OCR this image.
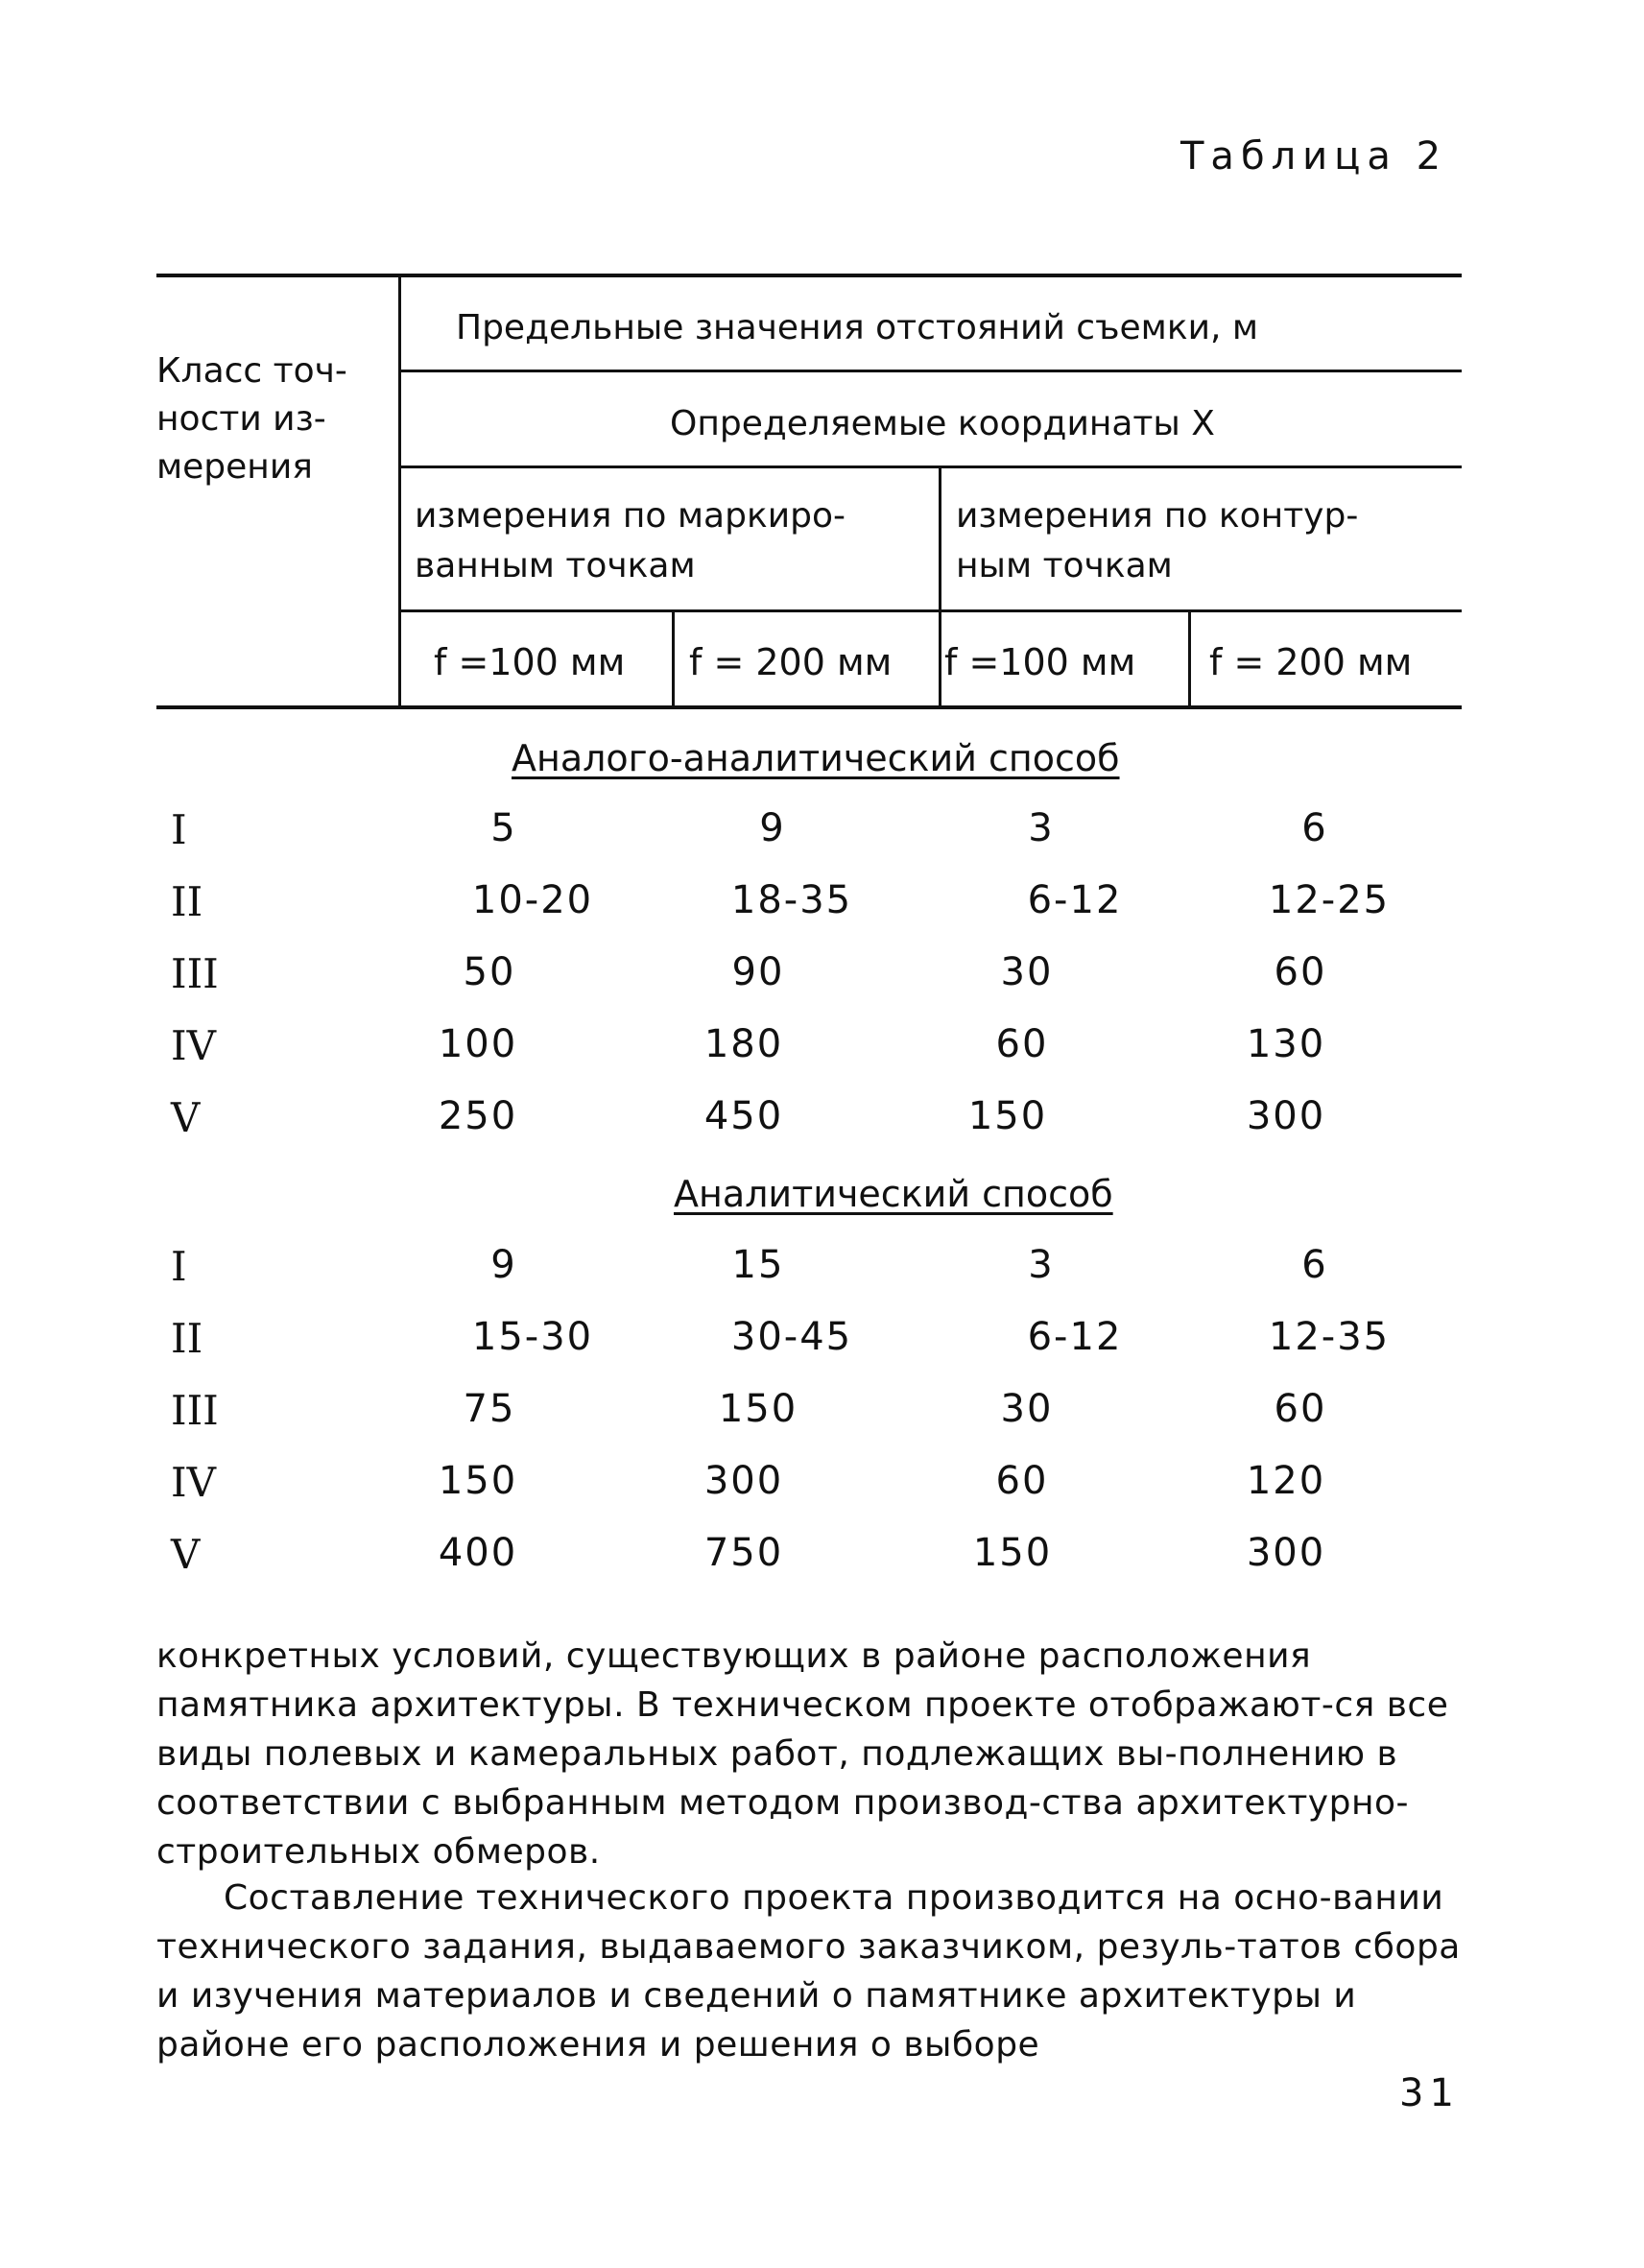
Таблица 2
Класс точ-
ности из-
мерения
Предельные значения отстояний съемки, м
Определяемые координаты X
измерения по маркиро-
ванным точкам
измерения по контур-
ным точкам
f =100 мм f = 200 мм f =100 мм f = 200 мм
Аналого-аналитический способ
I	5	9	3	6
II	10-20	18-35	6-12	12-25
III	50	90	30	60
IV	100	180	60	130
V	250	450	150	300
Аналитический способ
I	9	15	3	6
II	15-30	30-45	6-12	12-35
III	75	150	30	60
IV	150	300	60	120
V	400	750	150	300
конкретных условий, существующих в районе расположения памятника архитектуры. В техническом проекте отображают-ся все виды полевых и камеральных работ, подлежащих вы-полнению в соответствии с выбранным методом производ-ства архитектурно-строительных обмеров.
Составление технического проекта производится на осно-вании технического задания, выдаваемого заказчиком, резуль-татов сбора и изучения материалов и сведений о памятнике архитектуры и районе его расположения и решения о выборе
31
